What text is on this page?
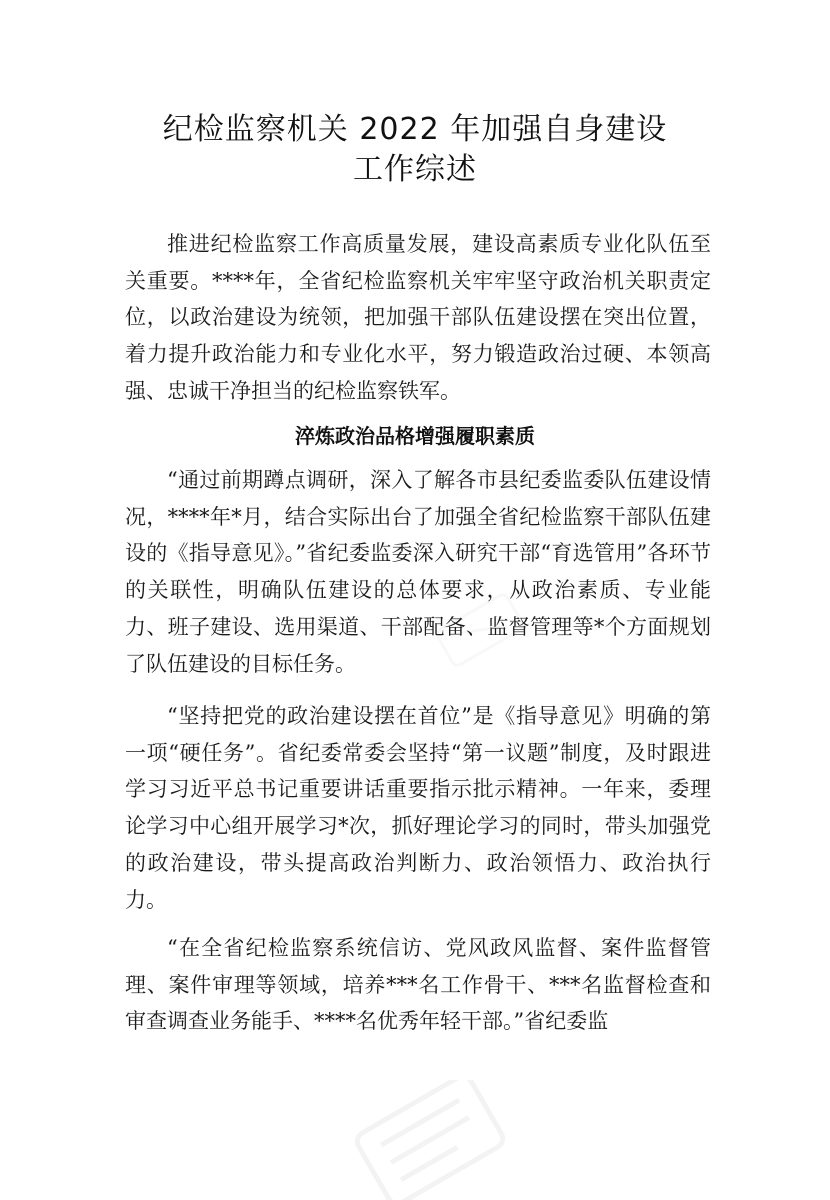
纪检监察机关 2022 年加强自身建设
工作综述

推进纪检监察工作高质量发展，建设高素质专业化队伍至关重要。****年，全省纪检监察机关牢牢坚守政治机关职责定位，以政治建设为统领，把加强干部队伍建设摆在突出位置，着力提升政治能力和专业化水平，努力锻造政治过硬、本领高强、忠诚干净担当的纪检监察铁军。

淬炼政治品格增强履职素质

“通过前期蹲点调研，深入了解各市县纪委监委队伍建设情况，****年*月，结合实际出台了加强全省纪检监察干部队伍建设的《指导意见》。”省纪委监委深入研究干部“育选管用”各环节的关联性，明确队伍建设的总体要求，从政治素质、专业能力、班子建设、选用渠道、干部配备、监督管理等*个方面规划了队伍建设的目标任务。

“坚持把党的政治建设摆在首位”是《指导意见》明确的第一项“硬任务”。省纪委常委会坚持“第一议题”制度，及时跟进学习习近平总书记重要讲话重要指示批示精神。一年来，委理论学习中心组开展学习*次，抓好理论学习的同时，带头加强党的政治建设，带头提高政治判断力、政治领悟力、政治执行力。

“在全省纪检监察系统信访、党风政风监督、案件监督管理、案件审理等领域，培养***名工作骨干、***名监督检查和审查调查业务能手、****名优秀年轻干部。”省纪委监
